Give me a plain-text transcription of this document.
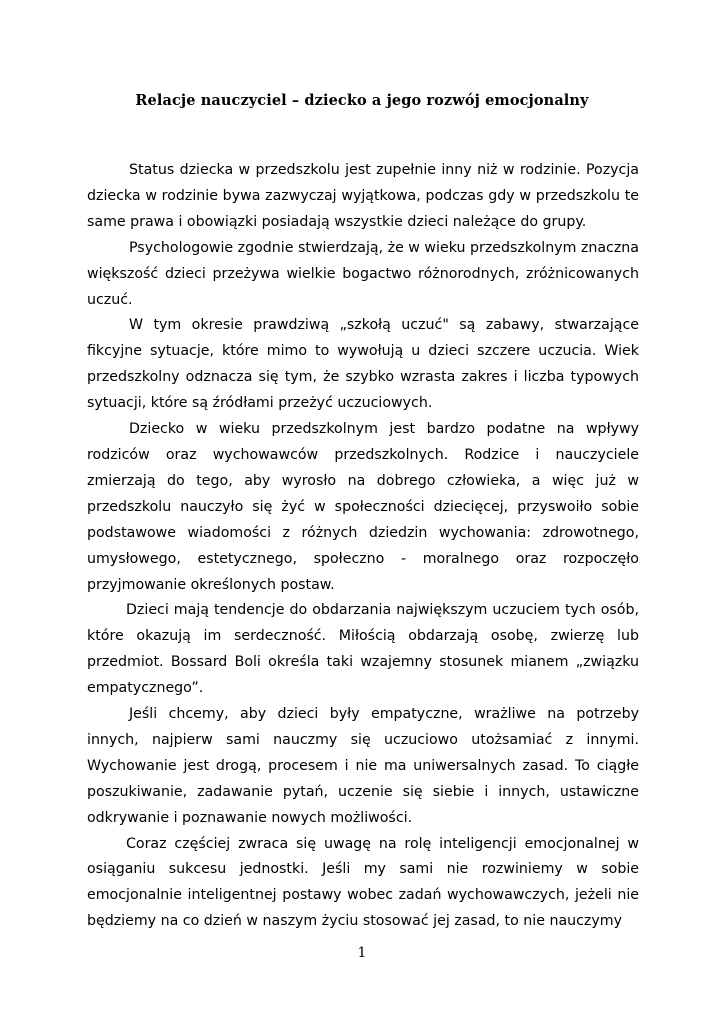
Relacje nauczyciel – dziecko a jego rozwój emocjonalny

Status dziecka w przedszkolu jest zupełnie inny niż w rodzinie. Pozycja dziecka w rodzinie bywa zazwyczaj wyjątkowa, podczas gdy w przedszkolu te same prawa i obowiązki posiadają wszystkie dzieci należące do grupy.

Psychologowie zgodnie stwierdzają, że w wieku przedszkolnym znaczna większość dzieci przeżywa wielkie bogactwo różnorodnych, zróżnicowanych uczuć.

W tym okresie prawdziwą „szkołą uczuć" są zabawy, stwarzające fikcyjne sytuacje, które mimo to wywołują u dzieci szczere uczucia. Wiek przedszkolny odznacza się tym, że szybko wzrasta zakres i liczba typowych sytuacji, które są źródłami przeżyć uczuciowych.

Dziecko w wieku przedszkolnym jest bardzo podatne na wpływy rodziców oraz wychowawców przedszkolnych. Rodzice i nauczyciele zmierzają do tego, aby wyrosło na dobrego człowieka, a więc już w przedszkolu nauczyło się żyć w społeczności dziecięcej, przyswoiło sobie podstawowe wiadomości z różnych dziedzin wychowania: zdrowotnego, umysłowego, estetycznego, społeczno - moralnego oraz rozpoczęło przyjmowanie określonych postaw.

Dzieci mają tendencje do obdarzania największym uczuciem tych osób, które okazują im serdeczność. Miłością obdarzają osobę, zwierzę lub przedmiot. Bossard Boli określa taki wzajemny stosunek mianem „związku empatycznego”.

Jeśli chcemy, aby dzieci były empatyczne, wrażliwe na potrzeby innych, najpierw sami nauczmy się uczuciowo utożsamiać z innymi. Wychowanie jest drogą, procesem i nie ma uniwersalnych zasad. To ciągłe poszukiwanie, zadawanie pytań, uczenie się siebie i innych, ustawiczne odkrywanie i poznawanie nowych możliwości.

Coraz częściej zwraca się uwagę na rolę inteligencji emocjonalnej w osiąganiu sukcesu jednostki. Jeśli my sami nie rozwiniemy w sobie emocjonalnie inteligentnej postawy wobec zadań wychowawczych, jeżeli nie będziemy na co dzień w naszym życiu stosować jej zasad, to nie nauczymy

1
